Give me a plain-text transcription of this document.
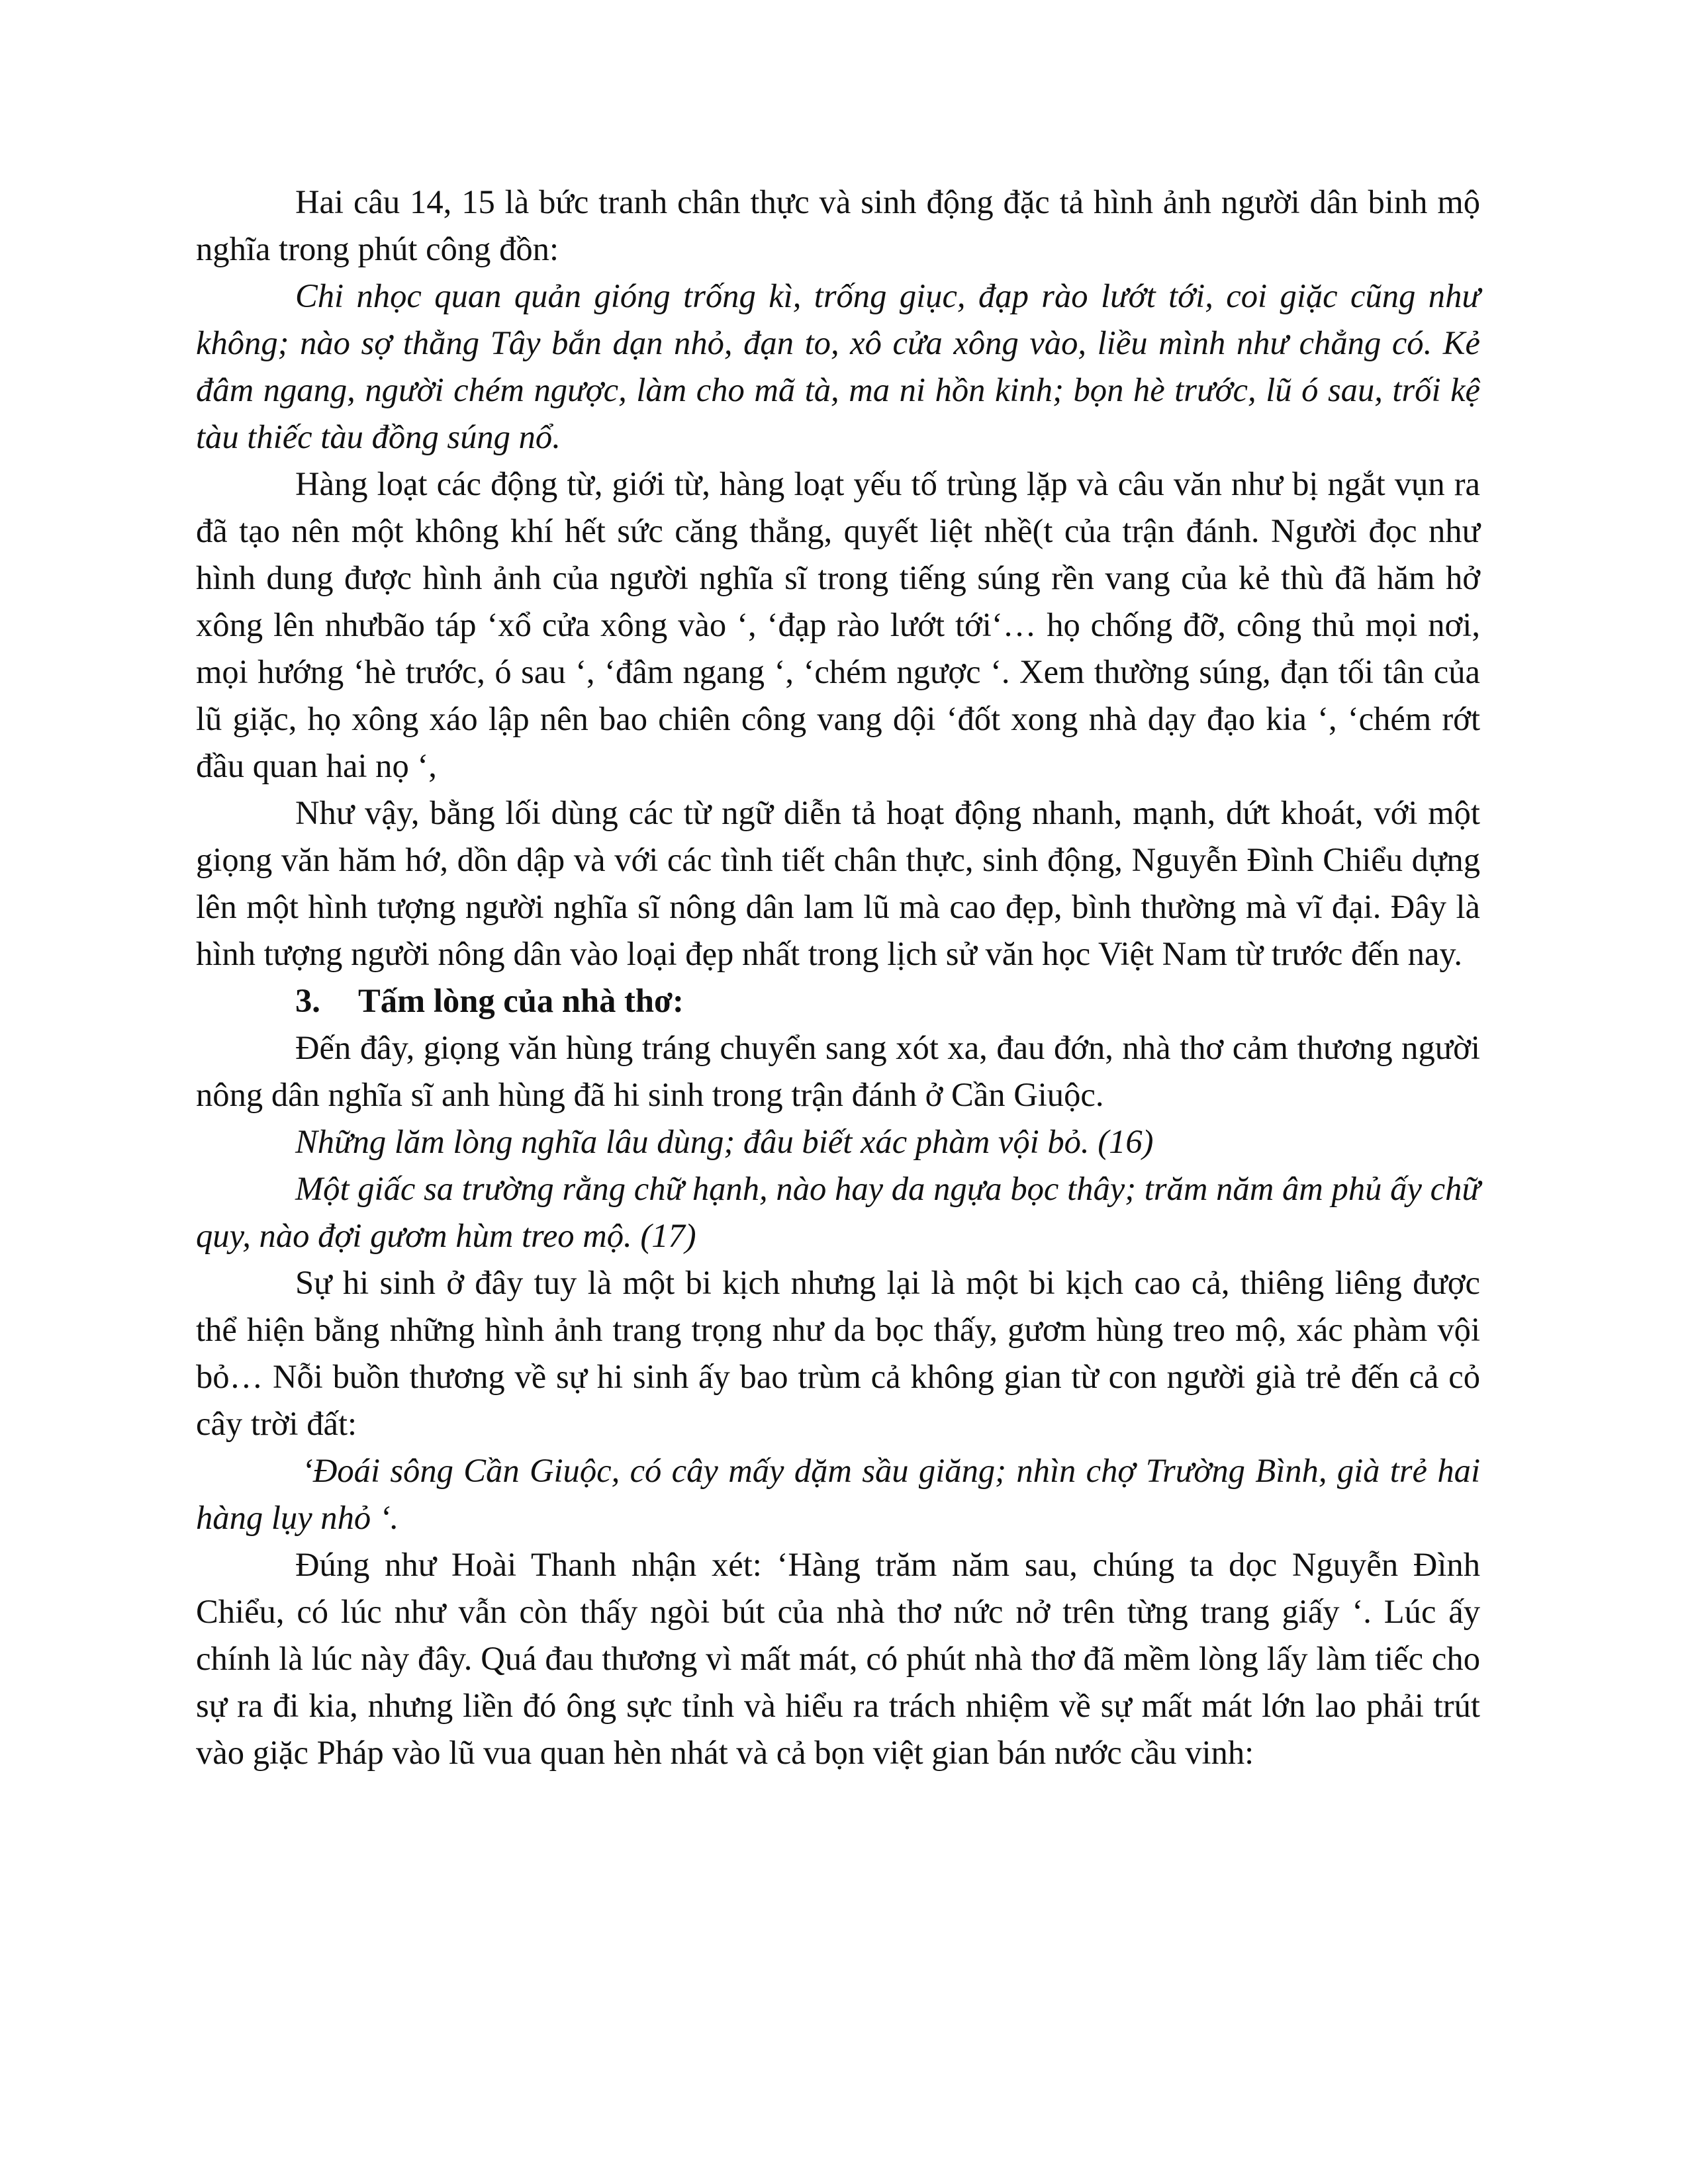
Hai câu 14, 15 là bức tranh chân thực và sinh động đặc tả hình ảnh người dân binh mộ nghĩa trong phút công đồn:

Chi nhọc quan quản gióng trống kì, trống giục, đạp rào lướt tới, coi giặc cũng như không; nào sợ thằng Tây bắn dạn nhỏ, đạn to, xô cửa xông vào, liều mình như chẳng có. Kẻ đâm ngang, người chém ngược, làm cho mã tà, ma ni hồn kinh; bọn hè trước, lũ ó sau, trối kệ tàu thiếc tàu đồng súng nổ.

Hàng loạt các động từ, giới từ, hàng loạt yếu tố trùng lặp và câu văn như bị ngắt vụn ra đã tạo nên một không khí hết sức căng thẳng, quyết liệt nhề(t của trận đánh. Người đọc như hình dung được hình ảnh của người nghĩa sĩ trong tiếng súng rền vang của kẻ thù đã hăm hở xông lên nhưbão táp ‘xổ cửa xông vào ‘, ‘đạp rào lướt tới‘… họ chống đỡ, công thủ mọi nơi, mọi hướng ‘hè trước, ó sau ‘, ‘đâm ngang ‘, ‘chém ngược ‘. Xem thường súng, đạn tối tân của lũ giặc, họ xông xáo lập nên bao chiên công vang dội ‘đốt xong nhà dạy đạo kia ‘, ‘chém rớt đầu quan hai nọ ‘,

Như vậy, bằng lối dùng các từ ngữ diễn tả hoạt động nhanh, mạnh, dứt khoát, với một giọng văn hăm hớ, dồn dập và với các tình tiết chân thực, sinh động, Nguyễn Đình Chiểu dựng lên một hình tượng người nghĩa sĩ nông dân lam lũ mà cao đẹp, bình thường mà vĩ đại. Đây là hình tượng người nông dân vào loại đẹp nhất trong lịch sử văn học Việt Nam từ trước đến nay.

3.	Tấm lòng của nhà thơ:

Đến đây, giọng văn hùng tráng chuyển sang xót xa, đau đớn, nhà thơ cảm thương người nông dân nghĩa sĩ anh hùng đã hi sinh trong trận đánh ở Cần Giuộc.

Những lăm lòng nghĩa lâu dùng; đâu biết xác phàm vội bỏ. (16)

Một giấc sa trường rằng chữ hạnh, nào hay da ngựa bọc thây; trăm năm âm phủ ấy chữ quy, nào đợi gươm hùm treo mộ. (17)

Sự hi sinh ở đây tuy là một bi kịch nhưng lại là một bi kịch cao cả, thiêng liêng được thể hiện bằng những hình ảnh trang trọng như da bọc thấy, gươm hùng treo mộ, xác phàm vội bỏ… Nỗi buồn thương về sự hi sinh ấy bao trùm cả không gian từ con người già trẻ đến cả cỏ cây trời đất:

‘Đoái sông Cần Giuộc, có cây mấy dặm sầu giăng; nhìn chợ Trường Bình, già trẻ hai hàng lụy nhỏ ‘.

Đúng như Hoài Thanh nhận xét: ‘Hàng trăm năm sau, chúng ta dọc Nguyễn Đình Chiểu, có lúc như vẫn còn thấy ngòi bút của nhà thơ nức nở trên từng trang giấy ‘. Lúc ấy chính là lúc này đây. Quá đau thương vì mất mát, có phút nhà thơ đã mềm lòng lấy làm tiếc cho sự ra đi kia, nhưng liền đó ông sực tỉnh và hiểu ra trách nhiệm về sự mất mát lớn lao phải trút vào giặc Pháp vào lũ vua quan hèn nhát và cả bọn việt gian bán nước cầu vinh:
